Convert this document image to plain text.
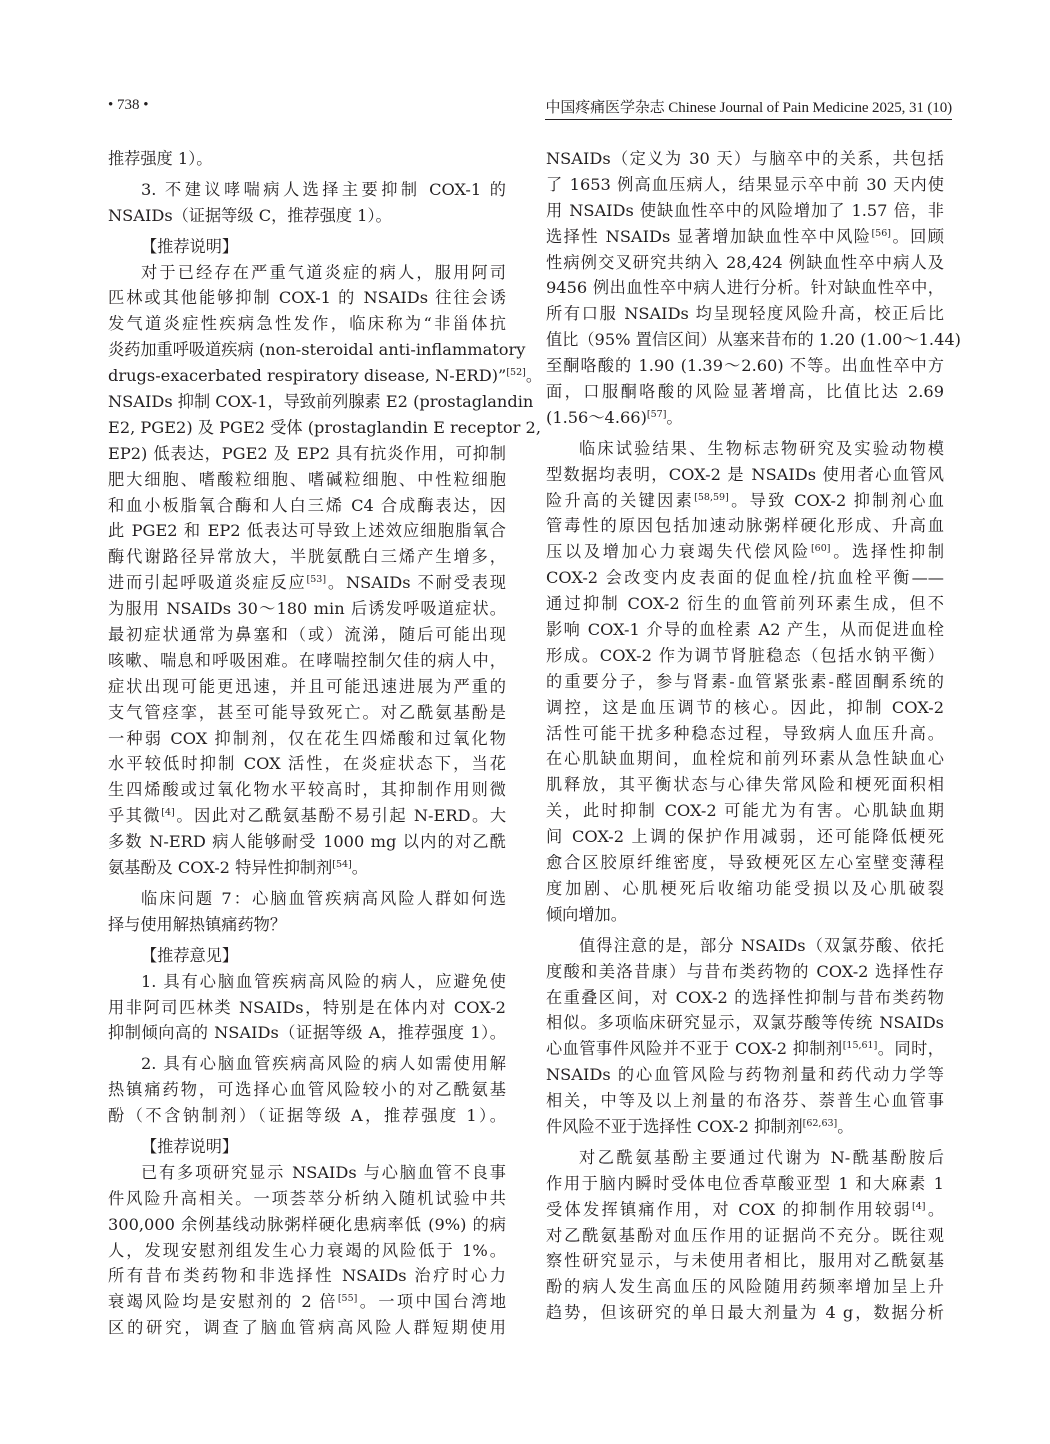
• 738 •	中国疼痛医学杂志 Chinese Journal of Pain Medicine 2025, 31 (10)
推荐强度 1）。
3. 不建议哮喘病人选择主要抑制 COX-1 的
NSAIDs（证据等级 C，推荐强度 1）。
【推荐说明】
对于已经存在严重气道炎症的病人，服用阿司
匹林或其他能够抑制 COX-1 的 NSAIDs 往往会诱
发气道炎症性疾病急性发作，临床称为“非甾体抗
炎药加重呼吸道疾病 (non-steroidal anti-inflammatory
drugs-exacerbated respiratory disease, N-ERD)”[52]。
NSAIDs 抑制 COX-1，导致前列腺素 E2 (prostaglandin
E2, PGE2) 及 PGE2 受体 (prostaglandin E receptor 2,
EP2) 低表达，PGE2 及 EP2 具有抗炎作用，可抑制
肥大细胞、嗜酸粒细胞、嗜碱粒细胞、中性粒细胞
和血小板脂氧合酶和人白三烯 C4 合成酶表达，因
此 PGE2 和 EP2 低表达可导致上述效应细胞脂氧合
酶代谢路径异常放大，半胱氨酰白三烯产生增多，
进而引起呼吸道炎症反应[53]。NSAIDs 不耐受表现
为服用 NSAIDs 30～180 min 后诱发呼吸道症状。
最初症状通常为鼻塞和（或）流涕，随后可能出现
咳嗽、喘息和呼吸困难。在哮喘控制欠佳的病人中，
症状出现可能更迅速，并且可能迅速进展为严重的
支气管痉挛，甚至可能导致死亡。对乙酰氨基酚是
一种弱 COX 抑制剂，仅在花生四烯酸和过氧化物
水平较低时抑制 COX 活性，在炎症状态下，当花
生四烯酸或过氧化物水平较高时，其抑制作用则微
乎其微[4]。因此对乙酰氨基酚不易引起 N-ERD。大
多数 N-ERD 病人能够耐受 1000 mg 以内的对乙酰
氨基酚及 COX-2 特异性抑制剂[54]。
临床问题 7：心脑血管疾病高风险人群如何选
择与使用解热镇痛药物？
【推荐意见】
1. 具有心脑血管疾病高风险的病人，应避免使
用非阿司匹林类 NSAIDs，特别是在体内对 COX-2
抑制倾向高的 NSAIDs（证据等级 A，推荐强度 1）。
2. 具有心脑血管疾病高风险的病人如需使用解
热镇痛药物，可选择心血管风险较小的对乙酰氨基
酚（不含钠制剂）（证据等级 A，推荐强度 1）。
【推荐说明】
已有多项研究显示 NSAIDs 与心脑血管不良事
件风险升高相关。一项荟萃分析纳入随机试验中共
300,000 余例基线动脉粥样硬化患病率低 (9%) 的病
人，发现安慰剂组发生心力衰竭的风险低于 1%。
所有昔布类药物和非选择性 NSAIDs 治疗时心力
衰竭风险均是安慰剂的 2 倍[55]。一项中国台湾地
区的研究，调查了脑血管病高风险人群短期使用
NSAIDs（定义为 30 天）与脑卒中的关系，共包括
了 1653 例高血压病人，结果显示卒中前 30 天内使
用 NSAIDs 使缺血性卒中的风险增加了 1.57 倍，非
选择性 NSAIDs 显著增加缺血性卒中风险[56]。回顾
性病例交叉研究共纳入 28,424 例缺血性卒中病人及
9456 例出血性卒中病人进行分析。针对缺血性卒中，
所有口服 NSAIDs 均呈现轻度风险升高，校正后比
值比（95% 置信区间）从塞来昔布的 1.20 (1.00～1.44)
至酮咯酸的 1.90 (1.39～2.60) 不等。出血性卒中方
面，口服酮咯酸的风险显著增高，比值比达 2.69
(1.56～4.66)[57]。
临床试验结果、生物标志物研究及实验动物模
型数据均表明，COX-2 是 NSAIDs 使用者心血管风
险升高的关键因素[58,59]。导致 COX-2 抑制剂心血
管毒性的原因包括加速动脉粥样硬化形成、升高血
压以及增加心力衰竭失代偿风险[60]。选择性抑制
COX-2 会改变内皮表面的促血栓/抗血栓平衡——
通过抑制 COX-2 衍生的血管前列环素生成，但不
影响 COX-1 介导的血栓素 A2 产生，从而促进血栓
形成。COX-2 作为调节肾脏稳态（包括水钠平衡）
的重要分子，参与肾素-血管紧张素-醛固酮系统的
调控，这是血压调节的核心。因此，抑制 COX-2
活性可能干扰多种稳态过程，导致病人血压升高。
在心肌缺血期间，血栓烷和前列环素从急性缺血心
肌释放，其平衡状态与心律失常风险和梗死面积相
关，此时抑制 COX-2 可能尤为有害。心肌缺血期
间 COX-2 上调的保护作用减弱，还可能降低梗死
愈合区胶原纤维密度，导致梗死区左心室壁变薄程
度加剧、心肌梗死后收缩功能受损以及心肌破裂
倾向增加。
值得注意的是，部分 NSAIDs（双氯芬酸、依托
度酸和美洛昔康）与昔布类药物的 COX-2 选择性存
在重叠区间，对 COX-2 的选择性抑制与昔布类药物
相似。多项临床研究显示，双氯芬酸等传统 NSAIDs
心血管事件风险并不亚于 COX-2 抑制剂[15,61]。同时，
NSAIDs 的心血管风险与药物剂量和药代动力学等
相关，中等及以上剂量的布洛芬、萘普生心血管事
件风险不亚于选择性 COX-2 抑制剂[62,63]。
对乙酰氨基酚主要通过代谢为 N-酰基酚胺后
作用于脑内瞬时受体电位香草酸亚型 1 和大麻素 1
受体发挥镇痛作用，对 COX 的抑制作用较弱[4]。
对乙酰氨基酚对血压作用的证据尚不充分。既往观
察性研究显示，与未使用者相比，服用对乙酰氨基
酚的病人发生高血压的风险随用药频率增加呈上升
趋势，但该研究的单日最大剂量为 4 g，数据分析
